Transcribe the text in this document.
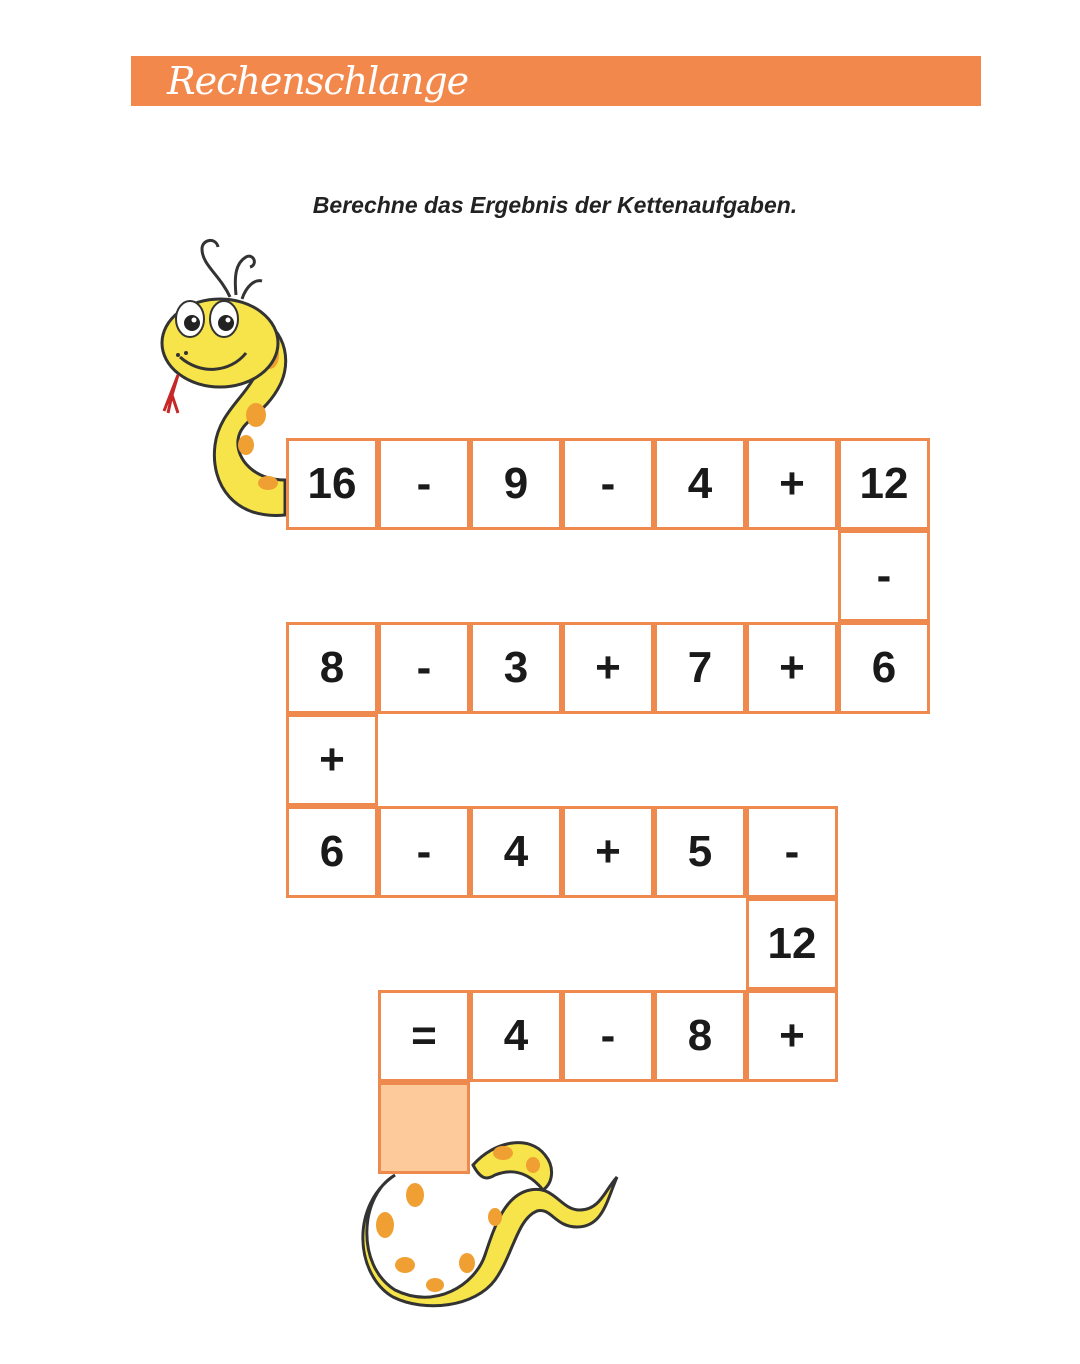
Rechenschlange
Berechne das Ergebnis der Kettenaufgaben.
16	-	9	-	4	+	12
-
8	-	3	+	7	+	6
+
6	-	4	+	5	-
12
=	4	-	8	+
